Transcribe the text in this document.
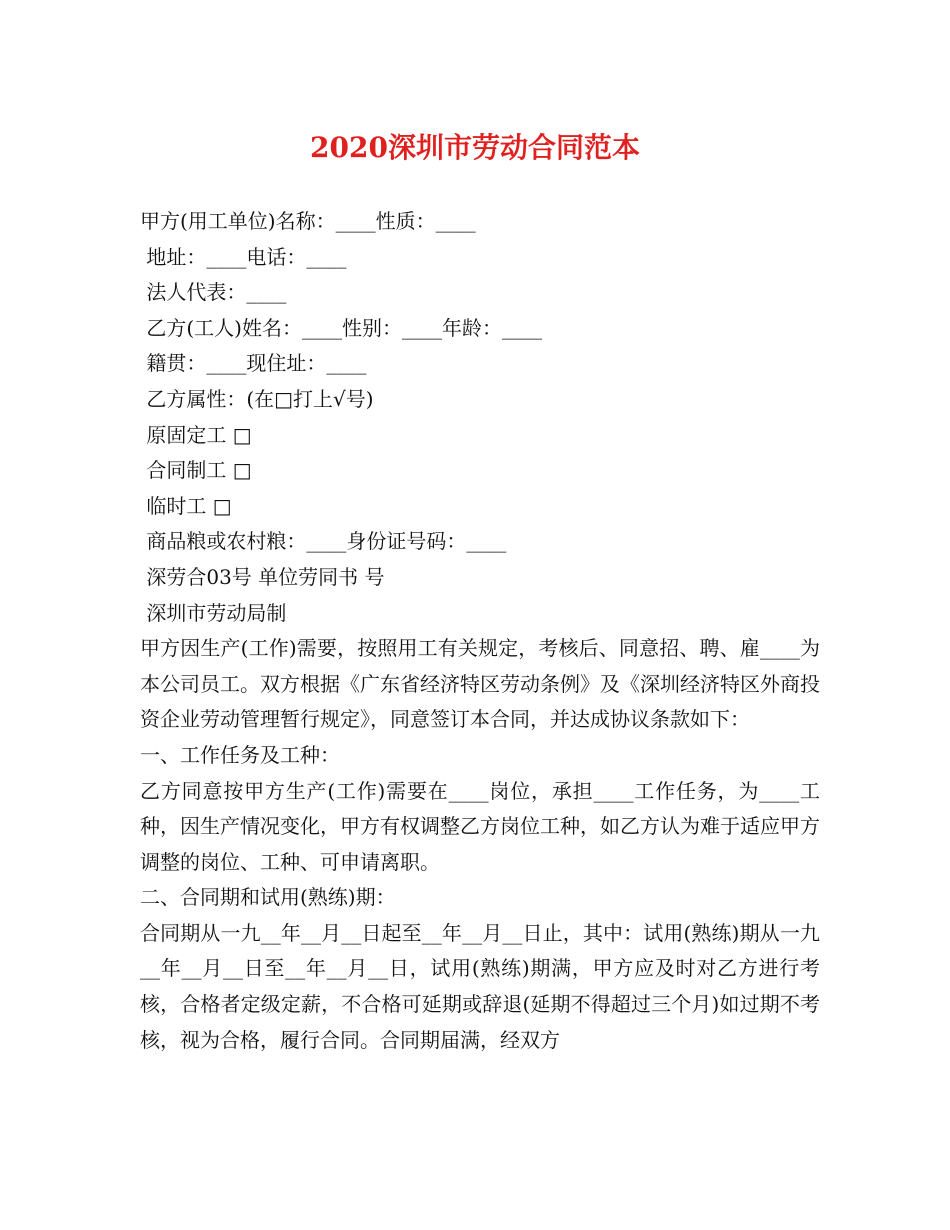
2020深圳市劳动合同范本
甲方(用工单位)名称：____性质：____
地址：____电话：____
法人代表：____
乙方(工人)姓名：____性别：____年龄：____
籍贯：____现住址：____
乙方属性：(在□打上√号)
原固定工 □
合同制工 □
临时工 □
商品粮或农村粮：____身份证号码：____
深劳合03号 单位劳同书 号
深圳市劳动局制
甲方因生产(工作)需要，按照用工有关规定，考核后、同意招、聘、雇____为本公司员工。双方根据《广东省经济特区劳动条例》及《深圳经济特区外商投资企业劳动管理暂行规定》，同意签订本合同，并达成协议条款如下：
一、工作任务及工种：
乙方同意按甲方生产(工作)需要在____岗位，承担____工作任务，为____工种，因生产情况变化，甲方有权调整乙方岗位工种，如乙方认为难于适应甲方调整的岗位、工种、可申请离职。
二、合同期和试用(熟练)期：
合同期从一九__年__月__日起至__年__月__日止，其中：试用(熟练)期从一九__年__月__日至__年__月__日，试用(熟练)期满，甲方应及时对乙方进行考核，合格者定级定薪，不合格可延期或辞退(延期不得超过三个月)如过期不考核，视为合格，履行合同。合同期届满，经双方
